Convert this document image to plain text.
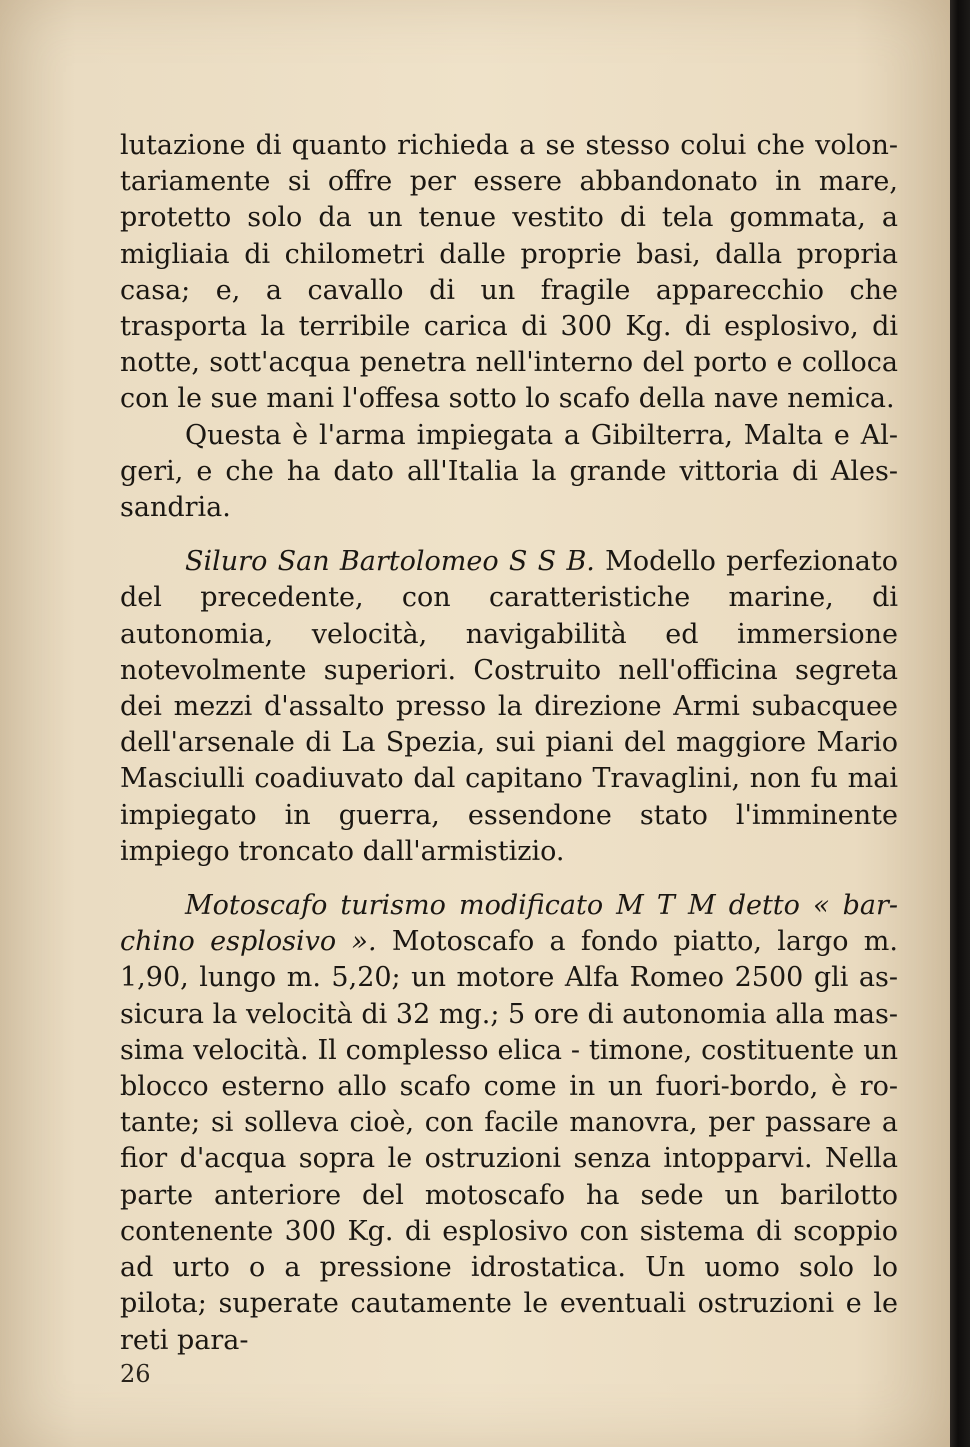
lutazione di quanto richieda a se stesso colui che volontariamente si offre per essere abbandonato in mare, protetto solo da un tenue vestito di tela gommata, a migliaia di chilometri dalle proprie basi, dalla propria casa; e, a cavallo di un fragile apparecchio che trasporta la terribile carica di 300 Kg. di esplosivo, di notte, sott'acqua penetra nell'interno del porto e colloca con le sue mani l'offesa sotto lo scafo della nave nemica.

Questa è l'arma impiegata a Gibilterra, Malta e Algeri, e che ha dato all'Italia la grande vittoria di Alessandria.

Siluro San Bartolomeo S S B. Modello perfezionato del precedente, con caratteristiche marine, di autonomia, velocità, navigabilità ed immersione notevolmente superiori. Costruito nell'officina segreta dei mezzi d'assalto presso la direzione Armi subacquee dell'arsenale di La Spezia, sui piani del maggiore Mario Masciulli coadiuvato dal capitano Travaglini, non fu mai impiegato in guerra, essendone stato l'imminente impiego troncato dall'armistizio.

Motoscafo turismo modificato M T M detto « barchino esplosivo ». Motoscafo a fondo piatto, largo m. 1,90, lungo m. 5,20; un motore Alfa Romeo 2500 gli assicura la velocità di 32 mg.; 5 ore di autonomia alla massima velocità. Il complesso elica - timone, costituente un blocco esterno allo scafo come in un fuori-bordo, è rotante; si solleva cioè, con facile manovra, per passare a fior d'acqua sopra le ostruzioni senza intopparvi. Nella parte anteriore del motoscafo ha sede un barilotto contenente 300 Kg. di esplosivo con sistema di scoppio ad urto o a pressione idrostatica. Un uomo solo lo pilota; superate cautamente le eventuali ostruzioni e le reti para-

26
